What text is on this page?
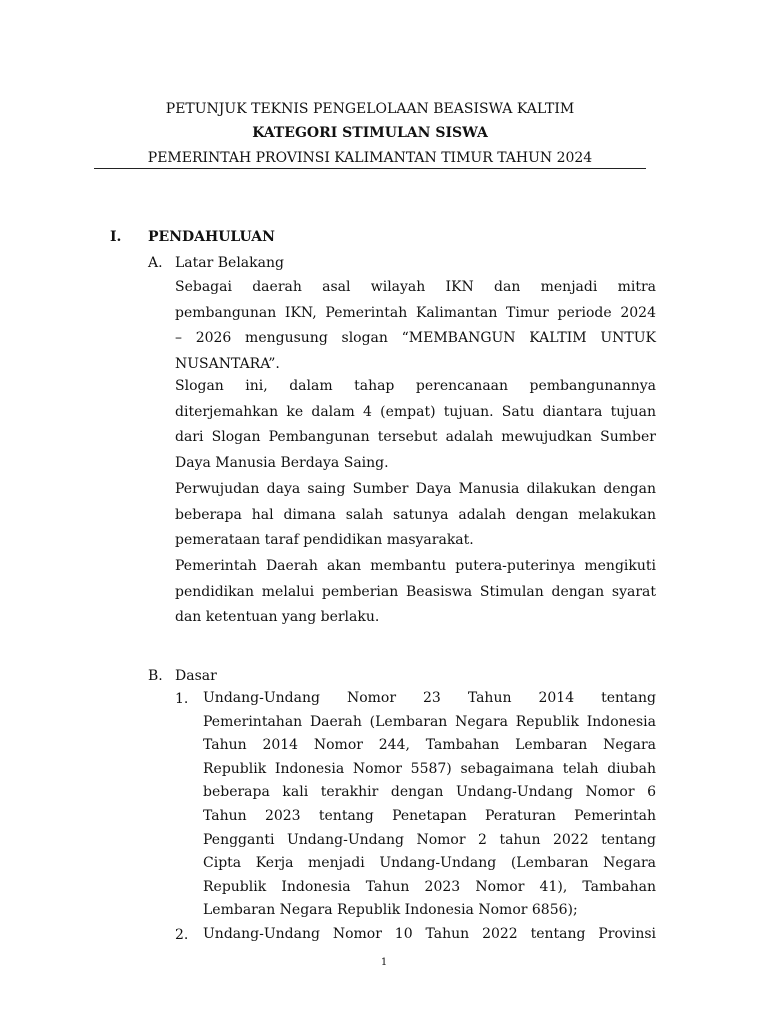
PETUNJUK TEKNIS PENGELOLAAN BEASISWA KALTIM
KATEGORI STIMULAN SISWA
PEMERINTAH PROVINSI KALIMANTAN TIMUR TAHUN 2024
I. PENDAHULUAN
A. Latar Belakang
Sebagai daerah asal wilayah IKN dan menjadi mitra
pembangunan IKN, Pemerintah Kalimantan Timur periode 2024
– 2026 mengusung slogan “MEMBANGUN KALTIM UNTUK
NUSANTARA”.
Slogan ini, dalam tahap perencanaan pembangunannya
diterjemahkan ke dalam 4 (empat) tujuan. Satu diantara tujuan
dari Slogan Pembangunan tersebut adalah mewujudkan Sumber
Daya Manusia Berdaya Saing.
Perwujudan daya saing Sumber Daya Manusia dilakukan dengan
beberapa hal dimana salah satunya adalah dengan melakukan
pemerataan taraf pendidikan masyarakat.
Pemerintah Daerah akan membantu putera-puterinya mengikuti
pendidikan melalui pemberian Beasiswa Stimulan dengan syarat
dan ketentuan yang berlaku.
B. Dasar
1. Undang-Undang Nomor 23 Tahun 2014 tentang
Pemerintahan Daerah (Lembaran Negara Republik Indonesia
Tahun 2014 Nomor 244, Tambahan Lembaran Negara
Republik Indonesia Nomor 5587) sebagaimana telah diubah
beberapa kali terakhir dengan Undang-Undang Nomor 6
Tahun 2023 tentang Penetapan Peraturan Pemerintah
Pengganti Undang-Undang Nomor 2 tahun 2022 tentang
Cipta Kerja menjadi Undang-Undang (Lembaran Negara
Republik Indonesia Tahun 2023 Nomor 41), Tambahan
Lembaran Negara Republik Indonesia Nomor 6856);
2. Undang-Undang Nomor 10 Tahun 2022 tentang Provinsi
1
